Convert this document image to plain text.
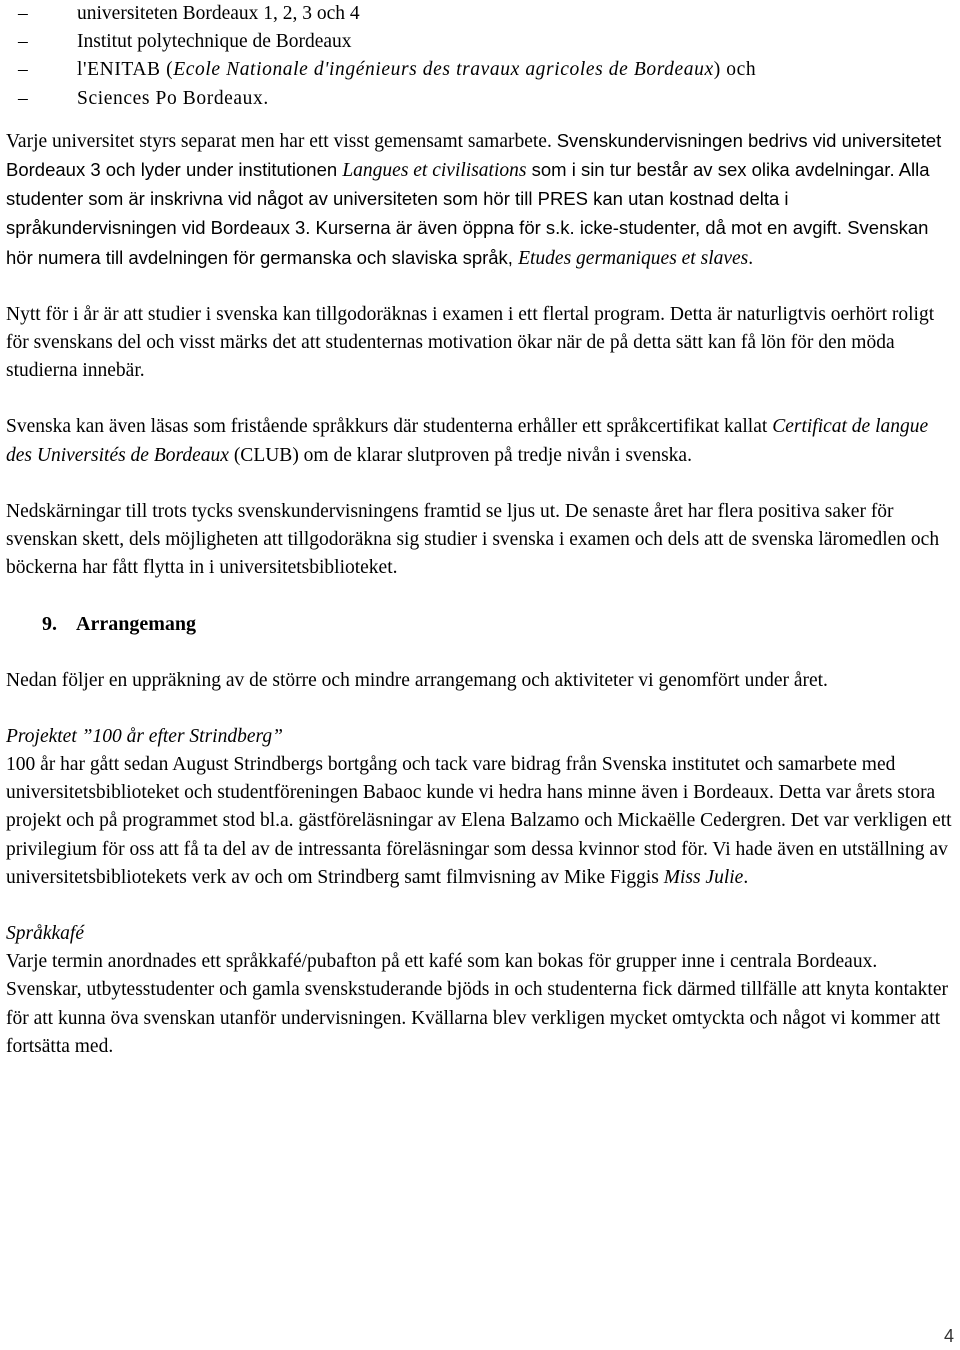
–	universiteten Bordeaux 1, 2, 3 och 4
–	Institut polytechnique de Bordeaux
– l'ENITAB (Ecole Nationale d'ingénieurs des travaux agricoles de Bordeaux) och
– Sciences Po Bordeaux.

Varje universitet styrs separat men har ett visst gemensamt samarbete. Svenskundervisningen bedrivs vid universitetet Bordeaux 3 och lyder under institutionen Langues et civilisations som i sin tur består av sex olika avdelningar. Alla studenter som är inskrivna vid något av universiteten som hör till PRES kan utan kostnad delta i språkundervisningen vid Bordeaux 3. Kurserna är även öppna för s.k. icke-studenter, då mot en avgift. Svenskan hör numera till avdelningen för germanska och slaviska språk, Etudes germaniques et slaves.

Nytt för i år är att studier i svenska kan tillgodoräknas i examen i ett flertal program. Detta är naturligtvis oerhört roligt för svenskans del och visst märks det att studenternas motivation ökar när de på detta sätt kan få lön för den möda studierna innebär.

Svenska kan även läsas som fristående språkkurs där studenterna erhåller ett språkcertifikat kallat Certificat de langue des Universités de Bordeaux (CLUB) om de klarar slutproven på tredje nivån i svenska.

Nedskärningar till trots tycks svenskundervisningens framtid se ljus ut. De senaste året har flera positiva saker för svenskan skett, dels möjligheten att tillgodoräkna sig studier i svenska i examen och dels att de svenska läromedlen och böckerna har fått flytta in i universitetsbiblioteket.

9. Arrangemang

Nedan följer en uppräkning av de större och mindre arrangemang och aktiviteter vi genomfört under året.

Projektet ”100 år efter Strindberg”

100 år har gått sedan August Strindbergs bortgång och tack vare bidrag från Svenska institutet och samarbete med universitetsbiblioteket och studentföreningen Babaoc kunde vi hedra hans minne även i Bordeaux. Detta var årets stora projekt och på programmet stod bl.a. gästföreläsningar av Elena Balzamo och Mickaëlle Cedergren. Det var verkligen ett privilegium för oss att få ta del av de intressanta föreläsningar som dessa kvinnor stod för. Vi hade även en utställning av universitetsbibliotekets verk av och om Strindberg samt filmvisning av Mike Figgis Miss Julie.

Språkkafé

Varje termin anordnades ett språkkafé/pubafton på ett kafé som kan bokas för grupper inne i centrala Bordeaux. Svenskar, utbytesstudenter och gamla svenskstuderande bjöds in och studenterna fick därmed tillfälle att knyta kontakter för att kunna öva svenskan utanför undervisningen. Kvällarna blev verkligen mycket omtyckta och något vi kommer att fortsätta med.

4
